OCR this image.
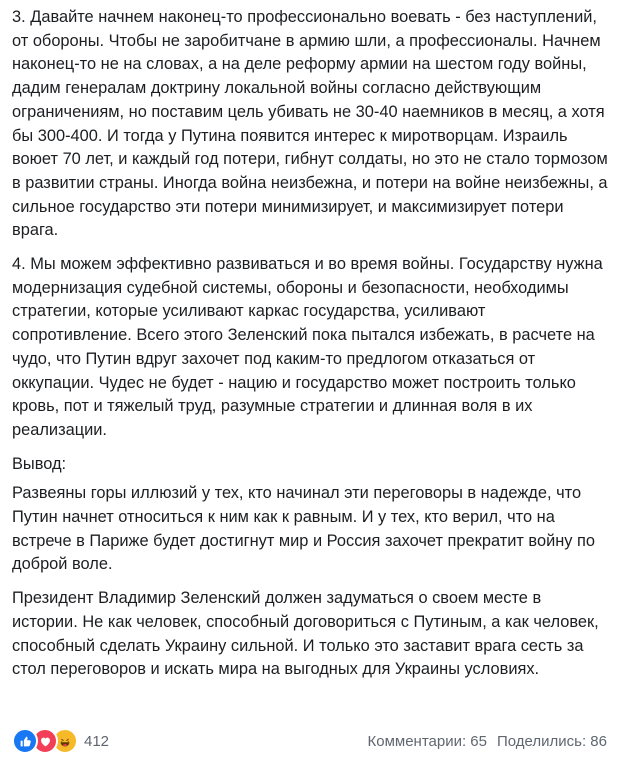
3. Давайте начнем наконец-то профессионально воевать - без наступлений, от обороны. Чтобы не заробитчане в армию шли, а профессионалы. Начнем наконец-то не на словах, а на деле реформу армии на шестом году войны, дадим генералам доктрину локальной войны согласно действующим ограничениям, но поставим цель убивать не 30-40 наемников в месяц, а хотя бы 300-400. И тогда у Путина появится интерес к миротворцам. Израиль воюет 70 лет, и каждый год потери, гибнут солдаты, но это не стало тормозом в развитии страны. Иногда война неизбежна, и потери на войне неизбежны, а сильное государство эти потери минимизирует, и максимизирует потери врага.

4. Мы можем эффективно развиваться и во время войны. Государству нужна модернизация судебной системы, обороны и безопасности, необходимы стратегии, которые усиливают каркас государства, усиливают сопротивление. Всего этого Зеленский пока пытался избежать, в расчете на чудо, что Путин вдруг захочет под каким-то предлогом отказаться от оккупации. Чудес не будет - нацию и государство может построить только кровь, пот и тяжелый труд, разумные стратегии и длинная воля в их реализации.

Вывод:

Развеяны горы иллюзий у тех, кто начинал эти переговоры в надежде, что Путин начнет относиться к ним как к равным. И у тех, кто верил, что на встрече в Париже будет достигнут мир и Россия захочет прекратит войну по доброй воле.

Президент Владимир Зеленский должен задуматься о своем месте в истории. Не как человек, способный договориться с Путиным, а как человек, способный сделать Украину сильной. И только это заставит врага сесть за стол переговоров и искать мира на выгодных для Украины условиях.

412	Комментарии: 65 Поделились: 86
